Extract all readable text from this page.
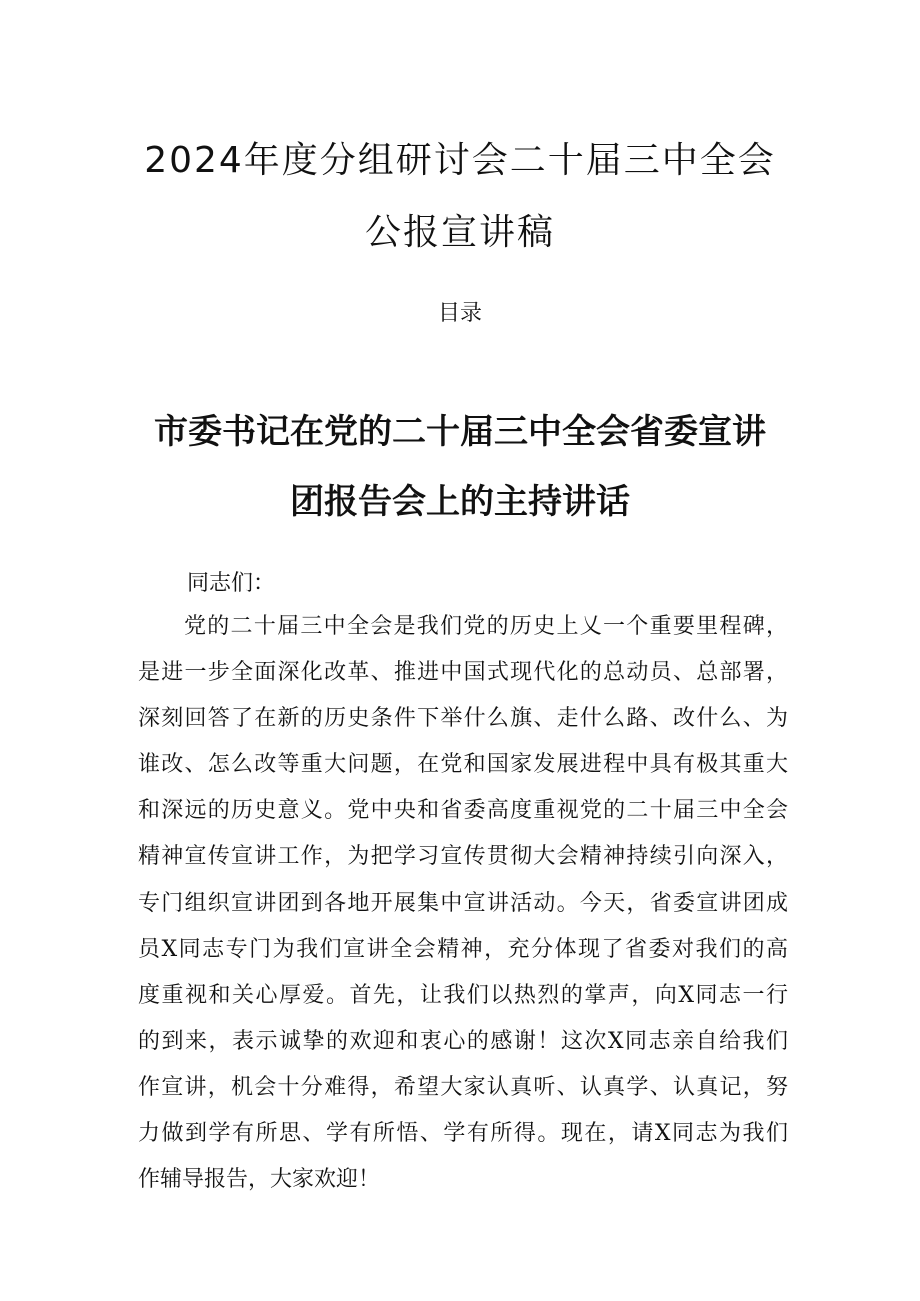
2024年度分组研讨会二十届三中全会
公报宣讲稿

目录

市委书记在党的二十届三中全会省委宣讲
团报告会上的主持讲话

同志们：

党的二十届三中全会是我们党的历史上乂一个重要里程碑，
是进一步全面深化改革、推进中国式现代化的总动员、总部署，
深刻回答了在新的历史条件下举什么旗、走什么路、改什么、为
谁改、怎么改等重大问题，在党和国家发展进程中具有极其重大
和深远的历史意义。党中央和省委高度重视党的二十届三中全会
精神宣传宣讲工作，为把学习宣传贯彻大会精神持续引向深入，
专门组织宣讲团到各地开展集中宣讲活动。今天，省委宣讲团成
员X同志专门为我们宣讲全会精神，充分体现了省委对我们的高
度重视和关心厚爱。首先，让我们以热烈的掌声，向X同志一行
的到来，表示诚挚的欢迎和衷心的感谢！这次X同志亲自给我们
作宣讲，机会十分难得，希望大家认真听、认真学、认真记，努
力做到学有所思、学有所悟、学有所得。现在，请X同志为我们
作辅导报告，大家欢迎！
